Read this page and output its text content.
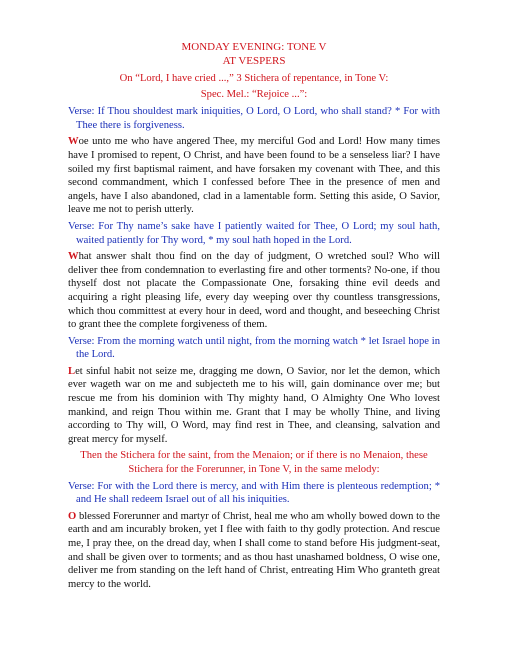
MONDAY EVENING: TONE V

AT VESPERS

On “Lord, I have cried ...,” 3 Stichera of repentance, in Tone V:

Spec. Mel.: “Rejoice ...”:

Verse: If Thou shouldest mark iniquities, O Lord, O Lord, who shall stand? * For with Thee there is forgiveness.

Woe unto me who have angered Thee, my merciful God and Lord! How many times have I promised to repent, O Christ, and have been found to be a senseless liar? I have soiled my first baptismal raiment, and have forsaken my covenant with Thee, and this second commandment, which I confessed before Thee in the presence of men and angels, have I also abandoned, clad in a lamentable form. Setting this aside, O Savior, leave me not to perish utterly.

Verse: For Thy name’s sake have I patiently waited for Thee, O Lord; my soul hath, waited patiently for Thy word, * my soul hath hoped in the Lord.

What answer shalt thou find on the day of judgment, O wretched soul? Who will deliver thee from condemnation to everlasting fire and other torments? No-one, if thou thyself dost not placate the Compassionate One, forsaking thine evil deeds and acquiring a right pleasing life, every day weeping over thy countless transgressions, which thou committest at every hour in deed, word and thought, and beseeching Christ to grant thee the complete forgiveness of them.

Verse: From the morning watch until night, from the morning watch * let Israel hope in the Lord.

Let sinful habit not seize me, dragging me down, O Savior, nor let the demon, which ever wageth war on me and subjecteth me to his will, gain dominance over me; but rescue me from his dominion with Thy mighty hand, O Almighty One Who lovest mankind, and reign Thou within me. Grant that I may be wholly Thine, and living according to Thy will, O Word, may find rest in Thee, and cleansing, salvation and great mercy for myself.

Then the Stichera for the saint, from the Menaion; or if there is no Menaion, these Stichera for the Forerunner, in Tone V, in the same melody:

Verse: For with the Lord there is mercy, and with Him there is plenteous redemption; * and He shall redeem Israel out of all his iniquities.

O blessed Forerunner and martyr of Christ, heal me who am wholly bowed down to the earth and am incurably broken, yet I flee with faith to thy godly protection. And rescue me, I pray thee, on the dread day, when I shall come to stand before His judgment-seat, and shall be given over to torments; and as thou hast unashamed boldness, O wise one, deliver me from standing on the left hand of Christ, entreating Him Who granteth great mercy to the world.
